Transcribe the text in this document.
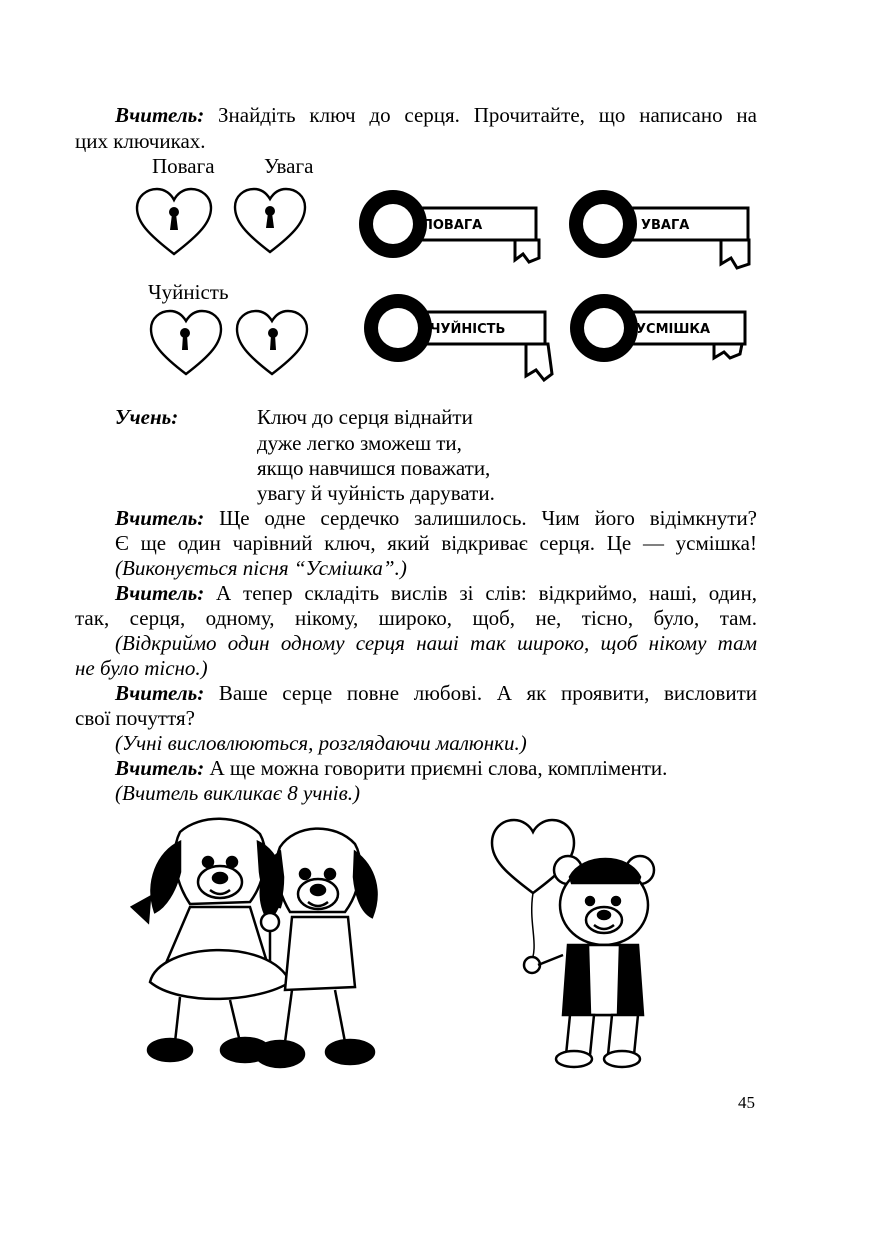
Вчитель: Знайдіть ключ до серця. Прочитайте, що написано на
цих ключиках.
Повага Увага
Чуйність
ПОВАГА	УВАГА
ЧУЙНІСТЬ	УСМІШКА
Учень:	Ключ до серця віднайти
дуже легко зможеш ти,
якщо навчишся поважати,
увагу й чуйність дарувати.
Вчитель: Ще одне сердечко залишилось. Чим його відімкнути?
Є ще один чарівний ключ, який відкриває серця. Це — усмішка!
(Виконується пісня “Усмішка”.)
Вчитель: А тепер складіть вислів зі слів: відкриймо, наші, один,
так, серця, одному, нікому, широко, щоб, не, тісно, було, там.
(Відкриймо один одному серця наші так широко, щоб нікому там
не було тісно.)
Вчитель: Ваше серце повне любові. А як проявити, висловити
свої почуття?
(Учні висловлюються, розглядаючи малюнки.)
Вчитель: А ще можна говорити приємні слова, компліменти.
(Вчитель викликає 8 учнів.)
45
